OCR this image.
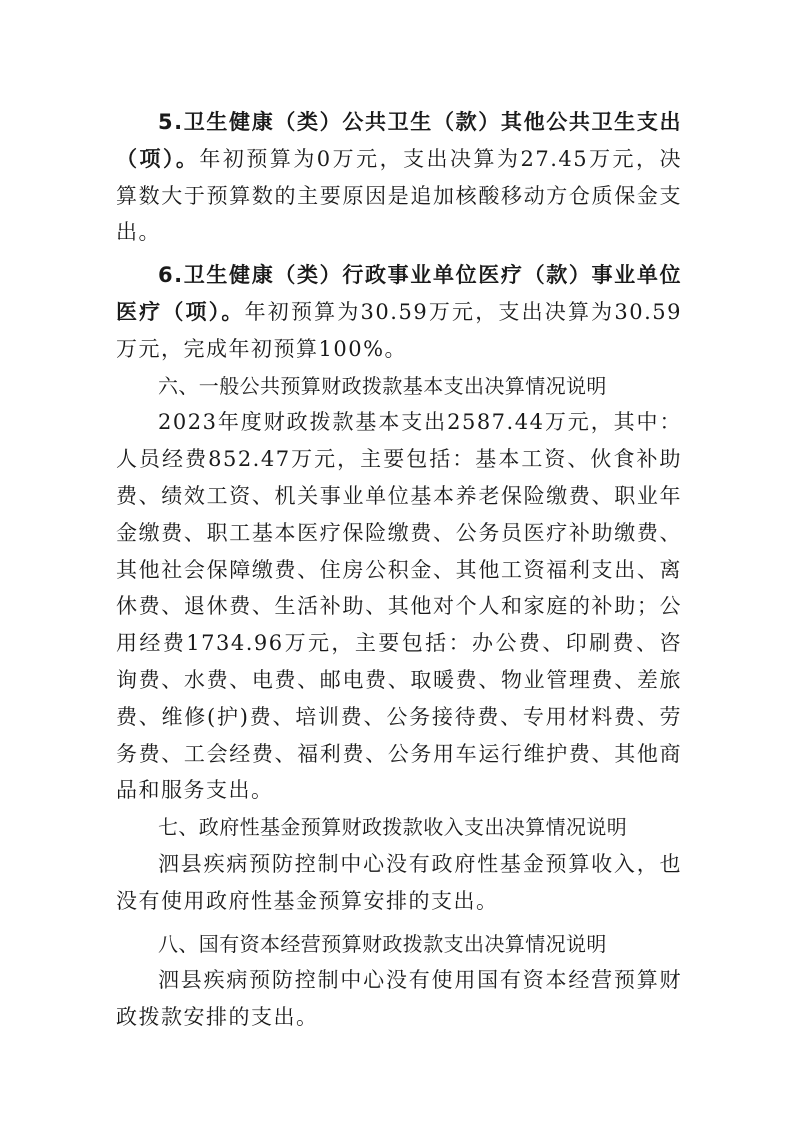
5.卫生健康（类）公共卫生（款）其他公共卫生支出（项）。年初预算为0万元，支出决算为27.45万元，决算数大于预算数的主要原因是追加核酸移动方仓质保金支出。

6.卫生健康（类）行政事业单位医疗（款）事业单位医疗（项）。年初预算为30.59万元，支出决算为30.59万元，完成年初预算100%。

六、一般公共预算财政拨款基本支出决算情况说明

2023年度财政拨款基本支出2587.44万元，其中：人员经费852.47万元，主要包括：基本工资、伙食补助费、绩效工资、机关事业单位基本养老保险缴费、职业年金缴费、职工基本医疗保险缴费、公务员医疗补助缴费、其他社会保障缴费、住房公积金、其他工资福利支出、离休费、退休费、生活补助、其他对个人和家庭的补助；公用经费1734.96万元，主要包括：办公费、印刷费、咨询费、水费、电费、邮电费、取暖费、物业管理费、差旅费、维修(护)费、培训费、公务接待费、专用材料费、劳务费、工会经费、福利费、公务用车运行维护费、其他商品和服务支出。

七、政府性基金预算财政拨款收入支出决算情况说明

泗县疾病预防控制中心没有政府性基金预算收入，也没有使用政府性基金预算安排的支出。

八、国有资本经营预算财政拨款支出决算情况说明

泗县疾病预防控制中心没有使用国有资本经营预算财政拨款安排的支出。
